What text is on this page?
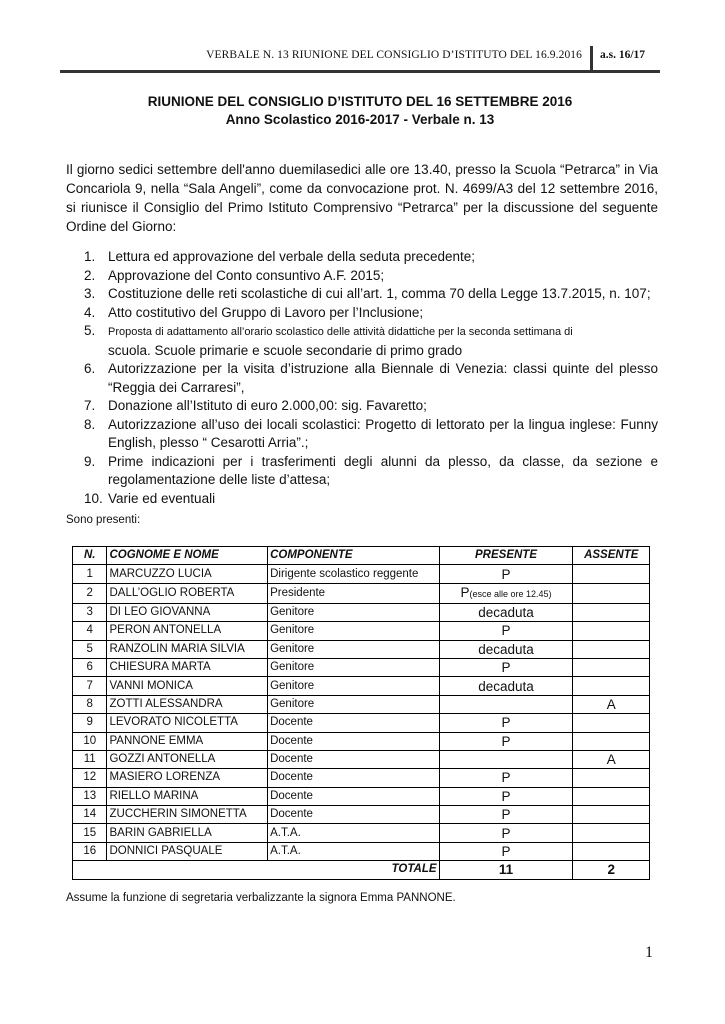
VERBALE N. 13 RIUNIONE DEL CONSIGLIO D’ISTITUTO DEL 16.9.2016 a.s. 16/17
RIUNIONE DEL CONSIGLIO D’ISTITUTO DEL 16 SETTEMBRE 2016
Anno Scolastico 2016-2017 - Verbale n. 13
Il giorno sedici settembre dell'anno duemilasedici alle ore 13.40, presso la Scuola “Petrarca” in Via Concariola 9, nella “Sala Angeli”, come da convocazione prot. N. 4699/A3 del 12 settembre 2016, si riunisce il Consiglio del Primo Istituto Comprensivo “Petrarca” per la discussione del seguente Ordine del Giorno:
1. Lettura ed approvazione del verbale della seduta precedente;
2. Approvazione del Conto consuntivo A.F. 2015;
3. Costituzione delle reti scolastiche di cui all’art. 1, comma 70 della Legge 13.7.2015, n. 107;
4. Atto costitutivo del Gruppo di Lavoro per l’Inclusione;
5. Proposta di adattamento all’orario scolastico delle attività didattiche per la seconda settimana di
scuola. Scuole primarie e scuole secondarie di primo grado
6. Autorizzazione per la visita d’istruzione alla Biennale di Venezia: classi quinte del plesso “Reggia dei Carraresi”,
7. Donazione all’Istituto di euro 2.000,00: sig. Favaretto;
8. Autorizzazione all’uso dei locali scolastici: Progetto di lettorato per la lingua inglese: Funny English, plesso “ Cesarotti Arria”.;
9. Prime indicazioni per i trasferimenti degli alunni da plesso, da classe, da sezione e regolamentazione delle liste d’attesa;
10. Varie ed eventuali
Sono presenti:
N.	COGNOME E NOME	COMPONENTE	PRESENTE	ASSENTE
1	MARCUZZO LUCIA	Dirigente scolastico reggente	P	
2	DALL’OGLIO ROBERTA	Presidente	P(esce alle ore 12.45)	
3	DI LEO GIOVANNA	Genitore	decaduta	
4	PERON ANTONELLA	Genitore	P	
5	RANZOLIN MARIA SILVIA	Genitore	decaduta	
6	CHIESURA MARTA	Genitore	P	
7	VANNI MONICA	Genitore	decaduta	
8	ZOTTI ALESSANDRA	Genitore		A
9	LEVORATO NICOLETTA	Docente	P	
10	PANNONE EMMA	Docente	P	
11	GOZZI ANTONELLA	Docente		A
12	MASIERO LORENZA	Docente	P	
13	RIELLO MARINA	Docente	P	
14	ZUCCHERIN SIMONETTA	Docente	P	
15	BARIN GABRIELLA	A.T.A.	P	
16	DONNICI PASQUALE	A.T.A.	P	
TOTALE			11	2
Assume la funzione di segretaria verbalizzante la signora Emma PANNONE.
1
